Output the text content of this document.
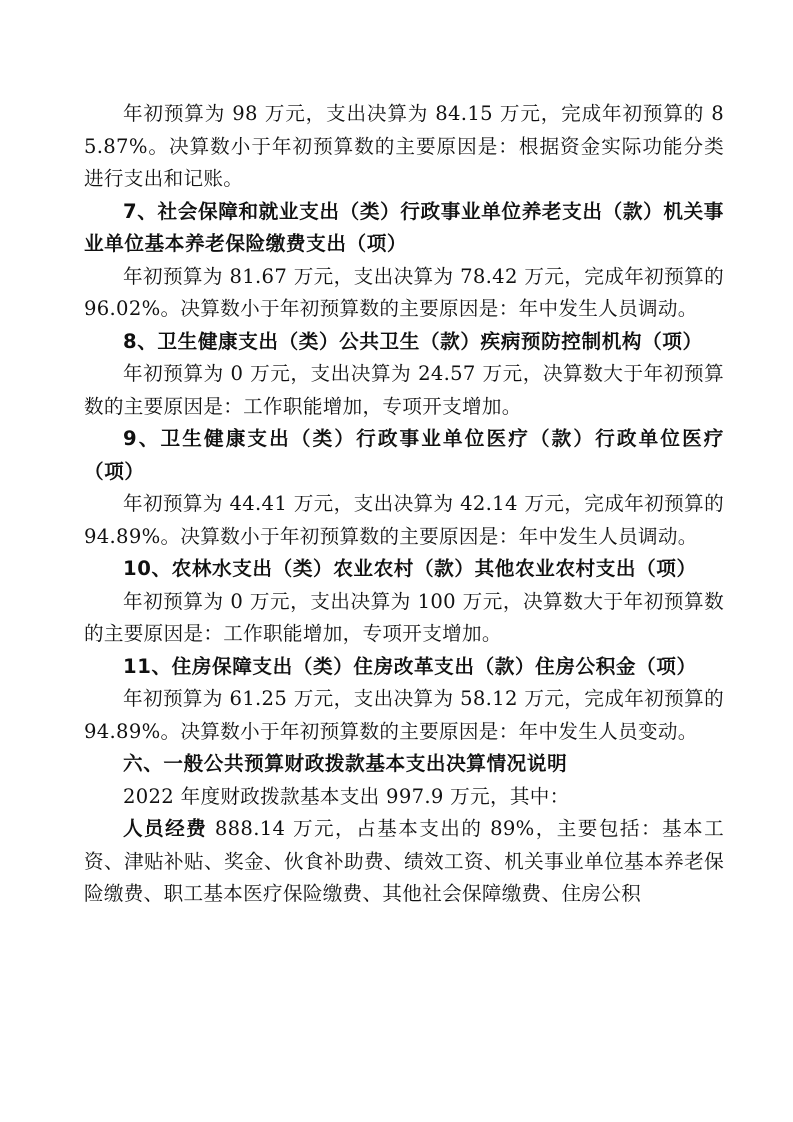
年初预算为 98 万元，支出决算为 84.15 万元，完成年初预算的 85.87%。决算数小于年初预算数的主要原因是：根据资金实际功能分类进行支出和记账。

7、社会保障和就业支出（类）行政事业单位养老支出（款）机关事业单位基本养老保险缴费支出（项）

年初预算为 81.67 万元，支出决算为 78.42 万元，完成年初预算的 96.02%。决算数小于年初预算数的主要原因是：年中发生人员调动。

8、卫生健康支出（类）公共卫生（款）疾病预防控制机构（项）

年初预算为 0 万元，支出决算为 24.57 万元，决算数大于年初预算数的主要原因是：工作职能增加，专项开支增加。

9、卫生健康支出（类）行政事业单位医疗（款）行政单位医疗（项）

年初预算为 44.41 万元，支出决算为 42.14 万元，完成年初预算的 94.89%。决算数小于年初预算数的主要原因是：年中发生人员调动。

10、农林水支出（类）农业农村（款）其他农业农村支出（项）

年初预算为 0 万元，支出决算为 100 万元，决算数大于年初预算数的主要原因是：工作职能增加，专项开支增加。

11、住房保障支出（类）住房改革支出（款）住房公积金（项）

年初预算为 61.25 万元，支出决算为 58.12 万元，完成年初预算的 94.89%。决算数小于年初预算数的主要原因是：年中发生人员变动。

六、一般公共预算财政拨款基本支出决算情况说明

2022 年度财政拨款基本支出 997.9 万元，其中：

人员经费 888.14 万元，占基本支出的 89%，主要包括：基本工资、津贴补贴、奖金、伙食补助费、绩效工资、机关事业单位基本养老保险缴费、职工基本医疗保险缴费、其他社会保障缴费、住房公积
